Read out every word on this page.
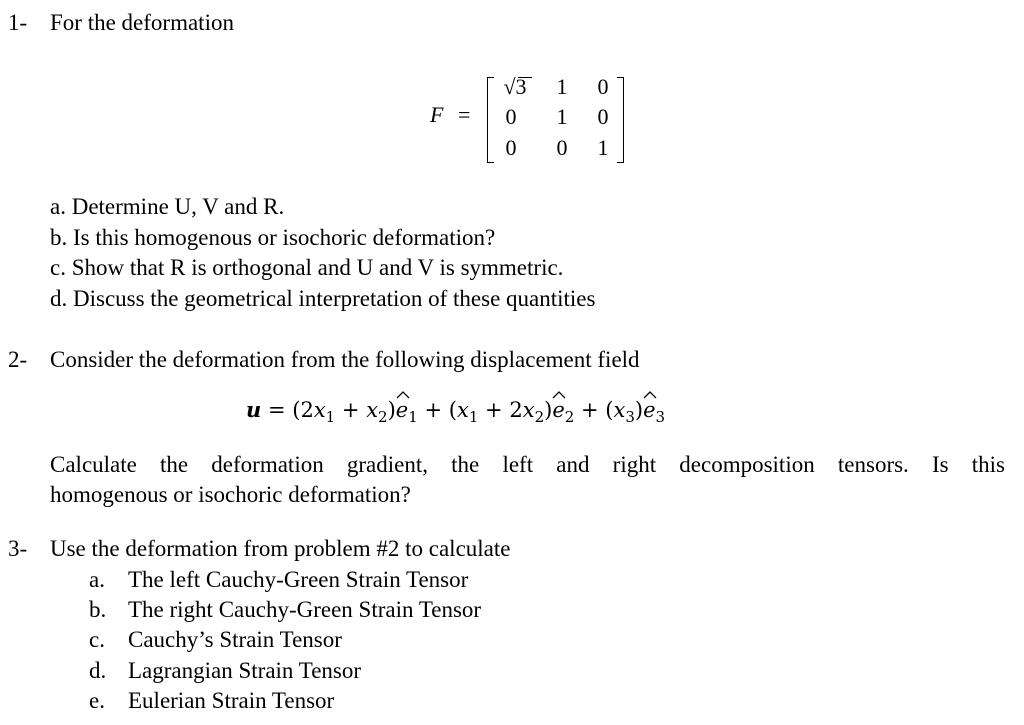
1- For the deformation
F =
√3	1 0
0 1 0
0 0 1
a. Determine U, V and R.
b. Is this homogenous or isochoric deformation?
c. Show that R is orthogonal and U and V is symmetric.
d. Discuss the geometrical interpretation of these quantities
2- Consider the deformation from the following displacement field
$u = (2x_1 + x_2)e$
$_1 + (x_1 + 2x_2)e$
$_2 + (x_3)e$
$_3$
Calculate the deformation gradient, the left and right decomposition tensors. Is this
homogenous or isochoric deformation?
3- Use the deformation from problem #2 to calculate
a. The left Cauchy-Green Strain Tensor
b. The right Cauchy-Green Strain Tensor
c. Cauchy’s Strain Tensor
d. Lagrangian Strain Tensor
e. Eulerian Strain Tensor
